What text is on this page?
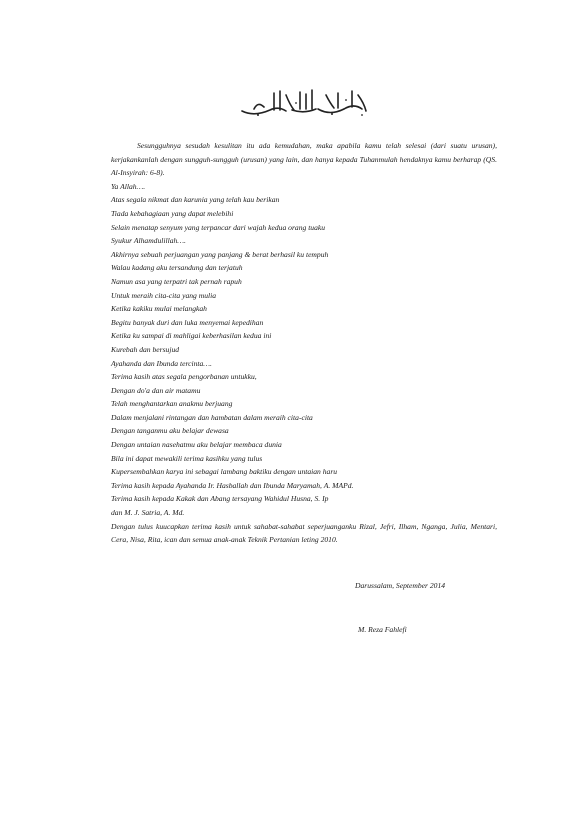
Sesungguhnya sesudah kesulitan itu ada kemudahan, maka apabila kamu telah selesai (dari suatu urusan), kerjakankanlah dengan sungguh-sungguh (urusan) yang lain, dan hanya kepada Tuhanmulah hendaknya kamu berharap (QS. Al-Insyirah: 6-8).

Ya Allah….
Atas segala nikmat dan karunia yang telah kau berikan
Tiada kebahagiaan yang dapat melebihi
Selain menatap senyum yang terpancar dari wajah kedua orang tuaku
Syukur Alhamdulillah….
Akhirnya sebuah perjuangan yang panjang & berat berhasil ku tempuh
Walau kadang aku tersandung dan terjatuh
Namun asa yang terpatri tak pernah rapuh
Untuk meraih cita-cita yang mulia
Ketika kakiku mulai melangkah
Begitu banyak duri dan luka menyemai kepedihan
Ketika ku sampai di mahligai keberhasilan kedua ini
Kurebah dan bersujud
Ayahanda dan Ibunda tercinta….
Terima kasih atas segala pengorbanan untukku,
Dengan do'a dan air matamu
Telah menghantarkan anakmu berjuang
Dalam menjalani rintangan dan hambatan dalam meraih cita-cita
Dengan tanganmu aku belajar dewasa
Dengan untaian nasehatmu aku belajar membaca dunia
Bila ini dapat mewakili terima kasihku yang tulus
Kupersembahkan karya ini sebagai lambang baktiku dengan untaian haru
Terima kasih kepada Ayahanda Ir. Hasballah dan Ibunda Maryamah, A. MAPd.
Terima kasih kepada Kakak dan Abang tersayang Wahidul Husna, S. Ip
dan M. J. Satria, A. Md.

Dengan tulus kuucapkan terima kasih untuk sahabat-sahabat seperjuanganku Rizal, Jefri, Ilham, Nganga, Julia, Mentari, Cera, Nisa, Rita, ican dan semua anak-anak Teknik Pertanian leting 2010.

Darussalam, September 2014
M. Reza Fahlefi
